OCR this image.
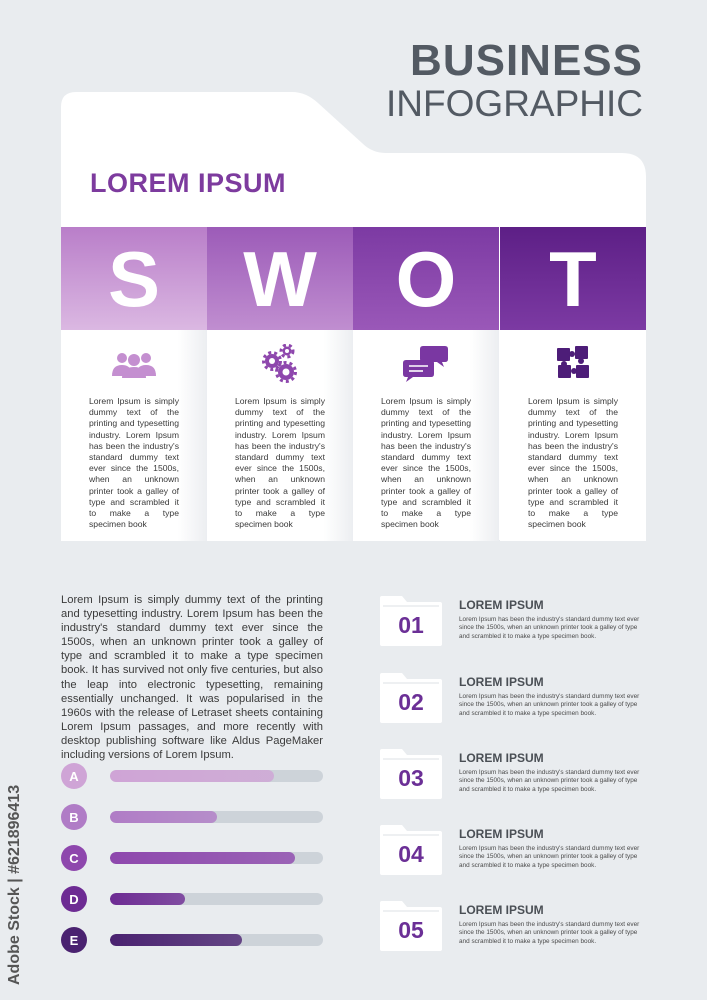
BUSINESS
INFOGRAPHIC
LOREM IPSUM
S
Lorem Ipsum is simply dummy text of the printing and typesetting industry. Lorem Ipsum has been the industry's standard dummy text ever since the 1500s, when an unknown printer took a galley of type and scrambled it to make a type specimen book
W
Lorem Ipsum is simply dummy text of the printing and typesetting industry. Lorem Ipsum has been the industry's standard dummy text ever since the 1500s, when an unknown printer took a galley of type and scrambled it to make a type specimen book
O
Lorem Ipsum is simply dummy text of the printing and typesetting industry. Lorem Ipsum has been the industry's standard dummy text ever since the 1500s, when an unknown printer took a galley of type and scrambled it to make a type specimen book
T
Lorem Ipsum is simply dummy text of the printing and typesetting industry. Lorem Ipsum has been the industry's standard dummy text ever since the 1500s, when an unknown printer took a galley of type and scrambled it to make a type specimen book
Lorem Ipsum is simply dummy text of the printing and typesetting industry. Lorem Ipsum has been the industry's standard dummy text ever since the 1500s, when an unknown printer took a galley of type and scrambled it to make a type specimen book. It has survived not only five centuries, but also the leap into electronic typesetting, remaining essentially unchanged. It was popularised in the 1960s with the release of Letraset sheets containing Lorem Ipsum passages, and more recently with desktop publishing software like Aldus PageMaker including versions of Lorem Ipsum.
A
B
C
D
E
01
LOREM IPSUM
Lorem Ipsum has been the industry's standard dummy text ever since the 1500s, when an unknown printer took a galley of type and scrambled it to make a type specimen book.
02
LOREM IPSUM
Lorem Ipsum has been the industry's standard dummy text ever since the 1500s, when an unknown printer took a galley of type and scrambled it to make a type specimen book.
03
LOREM IPSUM
Lorem Ipsum has been the industry's standard dummy text ever since the 1500s, when an unknown printer took a galley of type and scrambled it to make a type specimen book.
04
LOREM IPSUM
Lorem Ipsum has been the industry's standard dummy text ever since the 1500s, when an unknown printer took a galley of type and scrambled it to make a type specimen book.
05
LOREM IPSUM
Lorem Ipsum has been the industry's standard dummy text ever since the 1500s, when an unknown printer took a galley of type and scrambled it to make a type specimen book.
Adobe Stock | #621896413
